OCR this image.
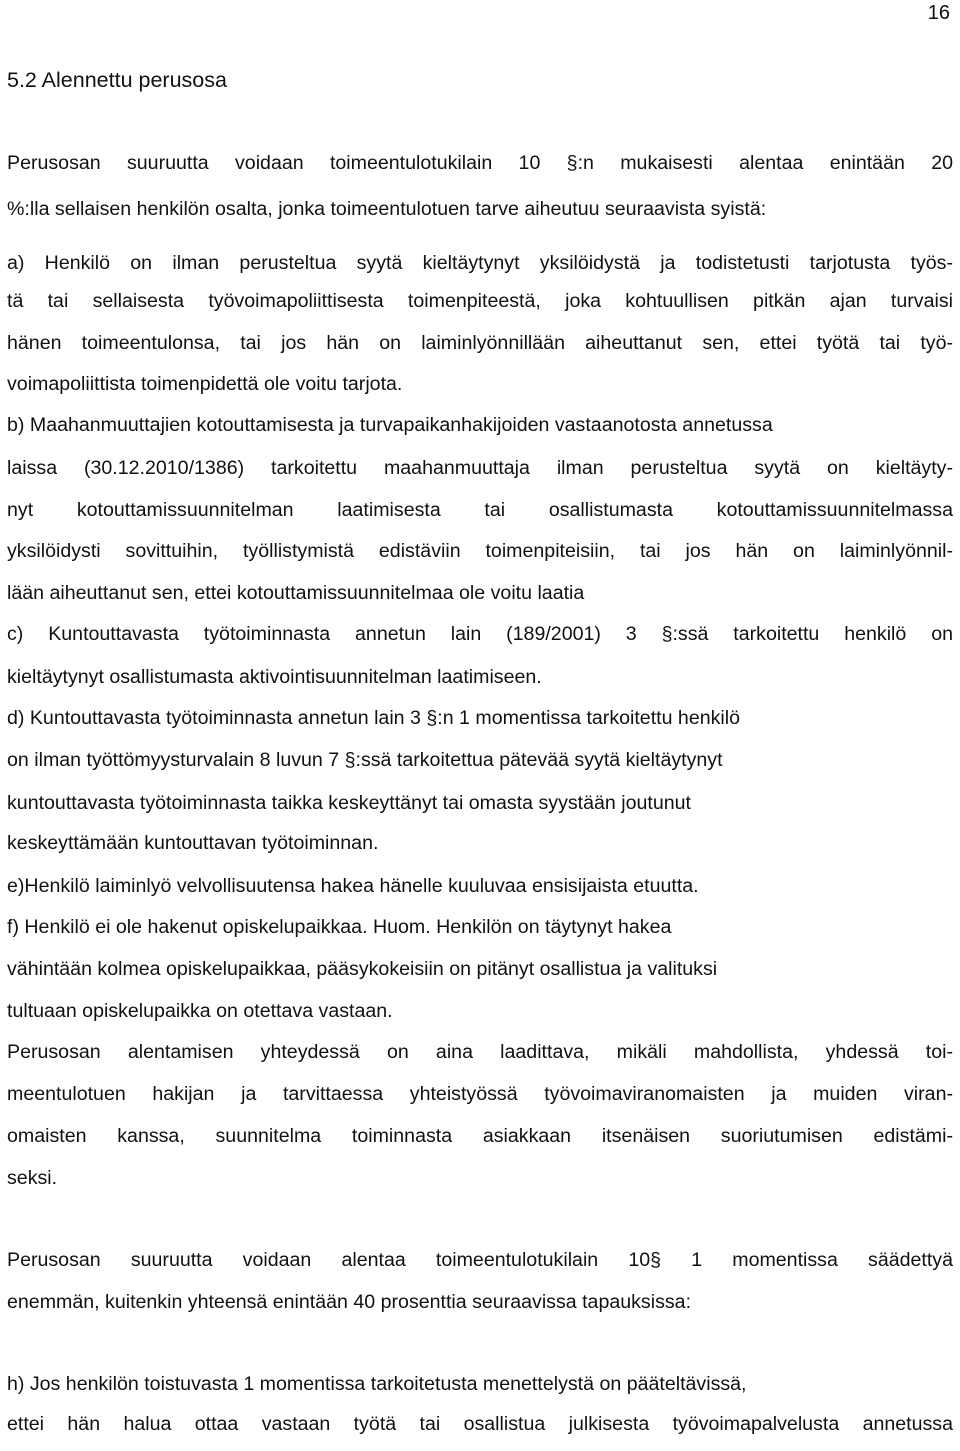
16
5.2 Alennettu perusosa
Perusosan suuruutta voidaan toimeentulotukilain 10 §:n mukaisesti alentaa enintään 20
%:lla sellaisen henkilön osalta, jonka toimeentulotuen tarve aiheutuu seuraavista syistä:
a) Henkilö on ilman perusteltua syytä kieltäytynyt yksilöidystä ja todistetusti tarjotusta työs-
tä tai sellaisesta työvoimapoliittisesta toimenpiteestä, joka kohtuullisen pitkän ajan turvaisi
hänen toimeentulonsa, tai jos hän on laiminlyönnillään aiheuttanut sen, ettei työtä tai työ-
voimapoliittista toimenpidettä ole voitu tarjota.
b) Maahanmuuttajien kotouttamisesta ja turvapaikanhakijoiden vastaanotosta annetussa
laissa (30.12.2010/1386) tarkoitettu maahanmuuttaja ilman perusteltua syytä on kieltäyty-
nyt kotouttamissuunnitelman laatimisesta tai osallistumasta kotouttamissuunnitelmassa
yksilöidysti sovittuihin, työllistymistä edistäviin toimenpiteisiin, tai jos hän on laiminlyönnil-
lään aiheuttanut sen, ettei kotouttamissuunnitelmaa ole voitu laatia
c) Kuntouttavasta työtoiminnasta annetun lain (189/2001) 3 §:ssä tarkoitettu henkilö on
kieltäytynyt osallistumasta aktivointisuunnitelman laatimiseen.
d) Kuntouttavasta työtoiminnasta annetun lain 3 §:n 1 momentissa tarkoitettu henkilö
on ilman työttömyysturvalain 8 luvun 7 §:ssä tarkoitettua pätevää syytä kieltäytynyt
kuntouttavasta työtoiminnasta taikka keskeyttänyt tai omasta syystään joutunut
keskeyttämään kuntouttavan työtoiminnan.
e)Henkilö laiminlyö velvollisuutensa hakea hänelle kuuluvaa ensisijaista etuutta.
f) Henkilö ei ole hakenut opiskelupaikkaa. Huom. Henkilön on täytynyt hakea
vähintään kolmea opiskelupaikkaa, pääsykokeisiin on pitänyt osallistua ja valituksi
tultuaan opiskelupaikka on otettava vastaan.
Perusosan alentamisen yhteydessä on aina laadittava, mikäli mahdollista, yhdessä toi-
meentulotuen hakijan ja tarvittaessa yhteistyössä työvoimaviranomaisten ja muiden viran-
omaisten kanssa, suunnitelma toiminnasta asiakkaan itsenäisen suoriutumisen edistämi-
seksi.
Perusosan suuruutta voidaan alentaa toimeentulotukilain 10§ 1 momentissa säädettyä
enemmän, kuitenkin yhteensä enintään 40 prosenttia seuraavissa tapauksissa:
h) Jos henkilön toistuvasta 1 momentissa tarkoitetusta menettelystä on pääteltävissä,
ettei hän halua ottaa vastaan työtä tai osallistua julkisesta työvoimapalvelusta annetussa
